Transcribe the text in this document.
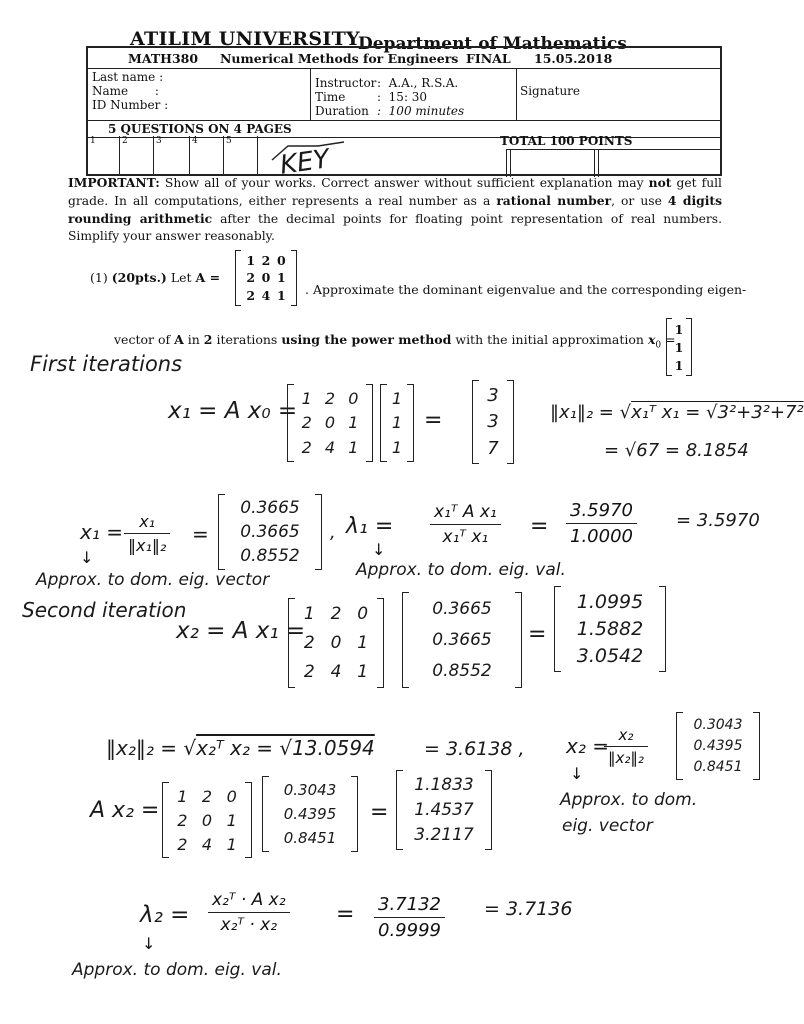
ATILIM UNIVERSITY
Department of Mathematics
MATH380 Numerical Methods for Engineers FINAL 15.05.2018
Last name :
Name       :
ID Number :
Instructor:  A.A., R.S.A.
Time	:  15: 30
Duration :  100 minutes
Signature
5 QUESTIONS ON 4 PAGES
TOTAL 100 POINTS
1	2	3	4	5
KEY
IMPORTANT: Show all of your works. Correct answer without sufficient explanation may not get full grade. In all computations, either represents a real number as a rational number, or use 4 digits rounding arithmetic after the decimal points for floating point representation of real numbers. Simplify your answer reasonably.
(1) (20pts.) Let A =
1 2 0
2 0 1
2 4 1 . Approximate the dominant eigenvalue and the corresponding eigen-
vector of A in 2 iterations using the power method with the initial approximation $x_0$ =
1
1
1
First iterations
x₁ = A x₀ = 1 2 0
2 0 1
2 4 1
1
1
1
=
3
3
7
‖x₁‖₂ = √x₁ᵀ x₁ = √3²+3²+7²
= √67 = 8.1854
$x_1 = \frac{\text{x₁}}{\text{‖x₁‖₂}}$ =
0.3665
0.3665
0.8552
, $\lambda_1 = \frac{\text{x₁ᵀ A x₁}}{\text{x₁ᵀ x₁}} = \frac{3.5970}{1.0000} = 3.5970$
↓	↓
Approx. to dom. eig. vector	Approx. to dom. eig. val.
Second iteration
x₂ = A x₁ =
1 2 0
2 0 1
2 4 1
0.3665
0.3665
0.8552
=
1.0995
1.5882
3.0542
‖x₂‖₂ = √x₂ᵀ x₂ = √13.0594	= 3.6138 , x₂ =
$\frac{\text{x₂}}{\text{‖x₂‖₂}}$
0.3043
0.4395
0.8451
↓
Approx. to dom.
eig. vector
A x₂ =
1 2 0
2 0 1
2 4 1
0.3043
0.4395
0.8451
=
1.1833
1.4537
3.2117
$\lambda_2 = \frac{\text{x₂ᵀ · A x₂}}{\text{x₂ᵀ · x₂}} = \frac{3.7132}{0.9999} = 3.7136$
↓
Approx. to dom. eig. val.
